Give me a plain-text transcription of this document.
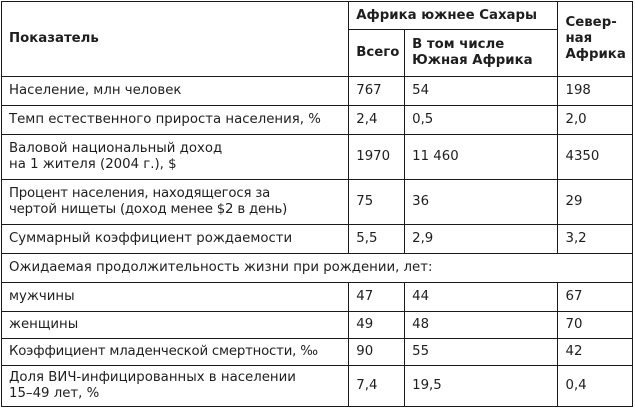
Показатель	Африка южнее Сахары		Север-
ная
Африка
	Всего	В том числе
Южная Африка	
Население, млн человек	767	54	198
Темп естественного прироста населения, %	2,4	0,5	2,0
Валовой национальный доход
на 1 жителя (2004 г.), $	1970	11 460	4350
Процент населения, находящегося за
чертой нищеты (доход менее $2 в день)	75	36	29
Суммарный коэффициент рождаемости	5,5	2,9	3,2
Ожидаемая продолжительность жизни при рождении, лет:			
мужчины	47	44	67
женщины	49	48	70
Коэффициент младенческой смертности, ‰	90	55	42
Доля ВИЧ-инфицированных в населении
15–49 лет, %	7,4	19,5	0,4
